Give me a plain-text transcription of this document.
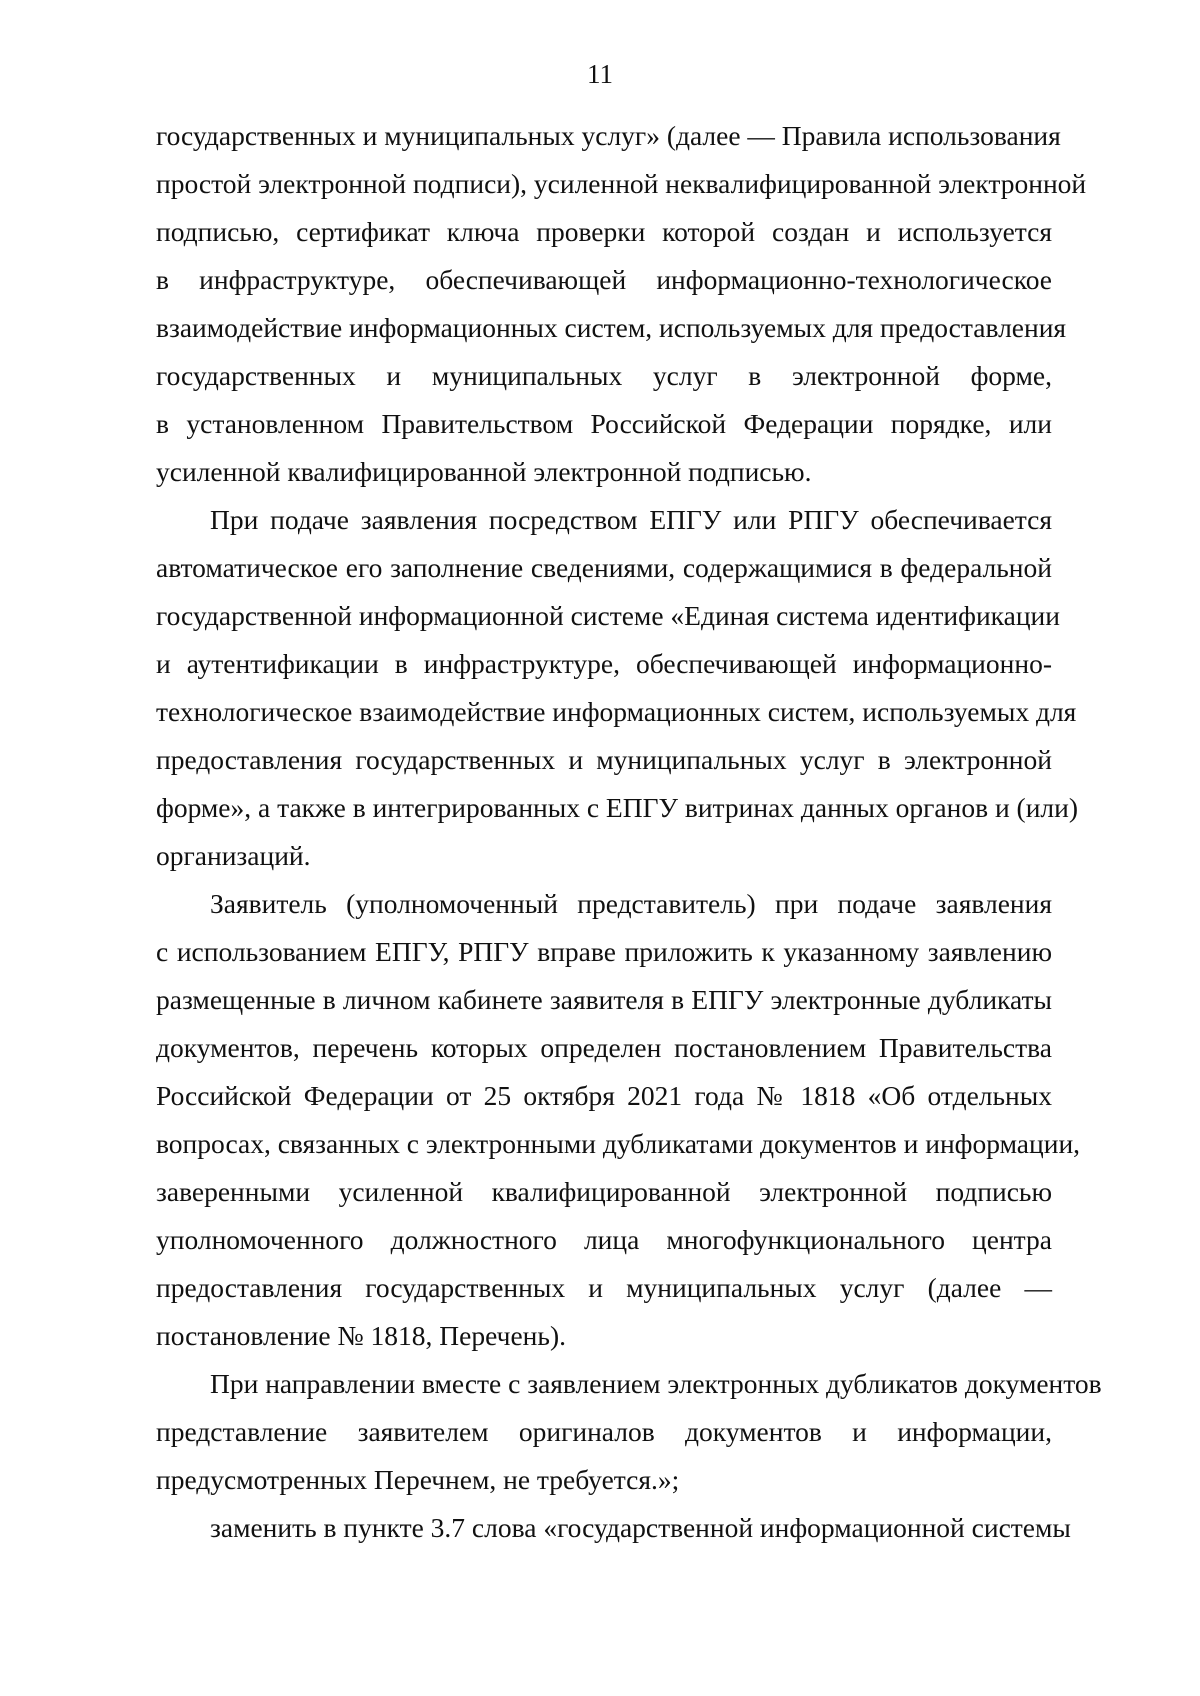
11
государственных и муниципальных услуг» (далее — Правила использования
простой электронной подписи), усиленной неквалифицированной электронной
подписью, сертификат ключа проверки которой создан и используется
в инфраструктуре, обеспечивающей информационно-технологическое
взаимодействие информационных систем, используемых для предоставления
государственных и муниципальных услуг в электронной форме,
в установленном Правительством Российской Федерации порядке, или
усиленной квалифицированной электронной подписью.
При подаче заявления посредством ЕПГУ или РПГУ обеспечивается
автоматическое его заполнение сведениями, содержащимися в федеральной
государственной информационной системе «Единая система идентификации
и аутентификации в инфраструктуре, обеспечивающей информационно-
технологическое взаимодействие информационных систем, используемых для
предоставления государственных и муниципальных услуг в электронной
форме», а также в интегрированных с ЕПГУ витринах данных органов и (или)
организаций.
Заявитель (уполномоченный представитель) при подаче заявления
с использованием ЕПГУ, РПГУ вправе приложить к указанному заявлению
размещенные в личном кабинете заявителя в ЕПГУ электронные дубликаты
документов, перечень которых определен постановлением Правительства
Российской Федерации от 25 октября 2021 года № 1818 «Об отдельных
вопросах, связанных с электронными дубликатами документов и информации,
заверенными усиленной квалифицированной электронной подписью
уполномоченного должностного лица многофункционального центра
предоставления государственных и муниципальных услуг (далее —
постановление № 1818, Перечень).
При направлении вместе с заявлением электронных дубликатов документов
представление заявителем оригиналов документов и информации,
предусмотренных Перечнем, не требуется.»;
заменить в пункте 3.7 слова «государственной информационной системы
